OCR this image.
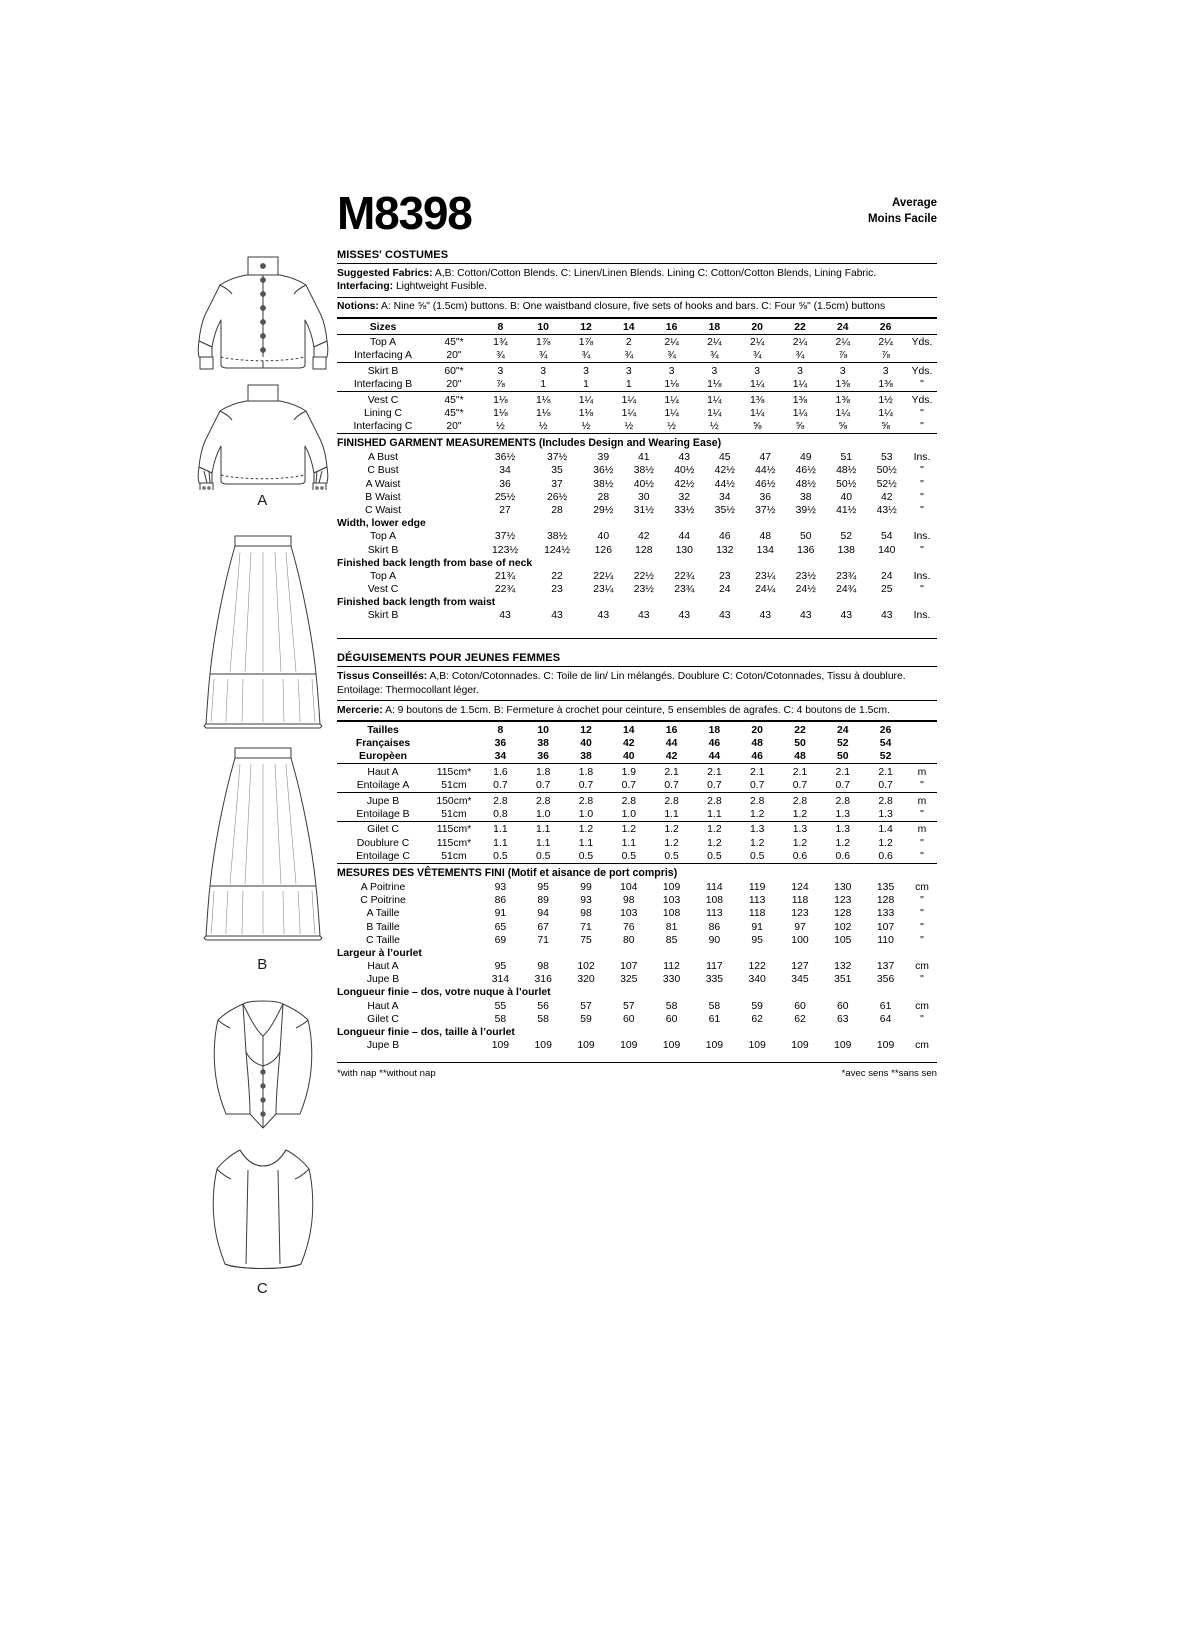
A
B
C
M8398	Average
Moins Facile
MISSES' COSTUMES
Suggested Fabrics: A,B: Cotton/Cotton Blends. C: Linen/Linen Blends. Lining C: Cotton/Cotton Blends, Lining Fabric.
Interfacing: Lightweight Fusible.
Notions: A: Nine ⅝" (1.5cm) buttons. B: One waistband closure, five sets of hooks and bars. C: Four ⅝" (1.5cm) buttons
Sizes		8	10	12	14	16	18	20	22	24	26	
Top A	45"*	1¾	1⅞	1⅞	2	2¼	2¼	2¼	2¼	2¼	2¼	Yds.
Interfacing A	20"	¾	¾	¾	¾	¾	¾	¾	¾	⅞	⅞	
Skirt B	60"*	3	3	3	3	3	3	3	3	3	3	Yds.
Interfacing B	20"	⅞	1	1	1	1⅛	1⅛	1¼	1¼	1⅜	1⅜	"
Vest C	45"*	1⅛	1⅛	1¼	1¼	1¼	1¼	1⅜	1⅜	1⅜	1½	Yds.
Lining C	45"*	1⅛	1⅛	1⅛	1¼	1¼	1¼	1¼	1¼	1¼	1¼	"
Interfacing C	20"	½	½	½	½	½	½	⅝	⅝	⅝	⅝	"
FINISHED GARMENT MEASUREMENTS (Includes Design and Wearing Ease)
A Bust		36½	37½	39	41	43	45	47	49	51	53	Ins.
C Bust		34	35	36½	38½	40½	42½	44½	46½	48½	50½	"
A Waist		36	37	38½	40½	42½	44½	46½	48½	50½	52½	"
B Waist		25½	26½	28	30	32	34	36	38	40	42	"
C Waist		27	28	29½	31½	33½	35½	37½	39½	41½	43½	"
Width, lower edge												
Top A		37½	38½	40	42	44	46	48	50	52	54	Ins.
Skirt B		123½	124½	126	128	130	132	134	136	138	140	"
Finished back length from base of neck												
Top A		21¾	22	22¼	22½	22¾	23	23¼	23½	23¾	24	Ins.
Vest C		22¾	23	23¼	23½	23¾	24	24¼	24½	24¾	25	"
Finished back length from waist												
Skirt B		43	43	43	43	43	43	43	43	43	43	Ins.
DÉGUISEMENTS POUR JEUNES FEMMES
Tissus Conseillés: A,B: Coton/Cotonnades. C: Toile de lin/ Lin mélangés. Doublure C: Coton/Cotonnades, Tissu à doublure. Entoilage: Thermocollant léger.
Mercerie: A: 9 boutons de 1.5cm. B: Fermeture à crochet pour ceinture, 5 ensembles de agrafes. C: 4 boutons de 1.5cm.
Tailles		8	10	12	14	16	18	20	22	24	26	
Françaises		36	38	40	42	44	46	48	50	52	54	
Europèen		34	36	38	40	42	44	46	48	50	52	
Haut A	115cm*	1.6	1.8	1.8	1.9	2.1	2.1	2.1	2.1	2.1	2.1	m
Entoilage A	51cm	0.7	0.7	0.7	0.7	0.7	0.7	0.7	0.7	0.7	0.7	"
Jupe B	150cm*	2.8	2.8	2.8	2.8	2.8	2.8	2.8	2.8	2.8	2.8	m
Entoilage B	51cm	0.8	1.0	1.0	1.0	1.1	1.1	1.2	1.2	1.3	1.3	"
Gilet C	115cm*	1.1	1.1	1.2	1.2	1.2	1.2	1.3	1.3	1.3	1.4	m
Doublure C	115cm*	1.1	1.1	1.1	1.1	1.2	1.2	1.2	1.2	1.2	1.2	"
Entoilage C	51cm	0.5	0.5	0.5	0.5	0.5	0.5	0.5	0.6	0.6	0.6	"
MESURES DES VÊTEMENTS FINI (Motif et aisance de port compris)
A Poitrine		93	95	99	104	109	114	119	124	130	135	cm
C Poitrine		86	89	93	98	103	108	113	118	123	128	"
A Taille		91	94	98	103	108	113	118	123	128	133	"
B Taille		65	67	71	76	81	86	91	97	102	107	"
C Taille		69	71	75	80	85	90	95	100	105	110	"
Largeur à l’ourlet												
Haut A		95	98	102	107	112	117	122	127	132	137	cm
Jupe B		314	316	320	325	330	335	340	345	351	356	"
Longueur finie – dos, votre nuque à l’ourlet												
Haut A		55	56	57	57	58	58	59	60	60	61	cm
Gilet C		58	58	59	60	60	61	62	62	63	64	"
Longueur finie – dos, taille à l’ourlet												
Jupe B		109	109	109	109	109	109	109	109	109	109	cm
*with nap **without nap	*avec sens **sans sen
